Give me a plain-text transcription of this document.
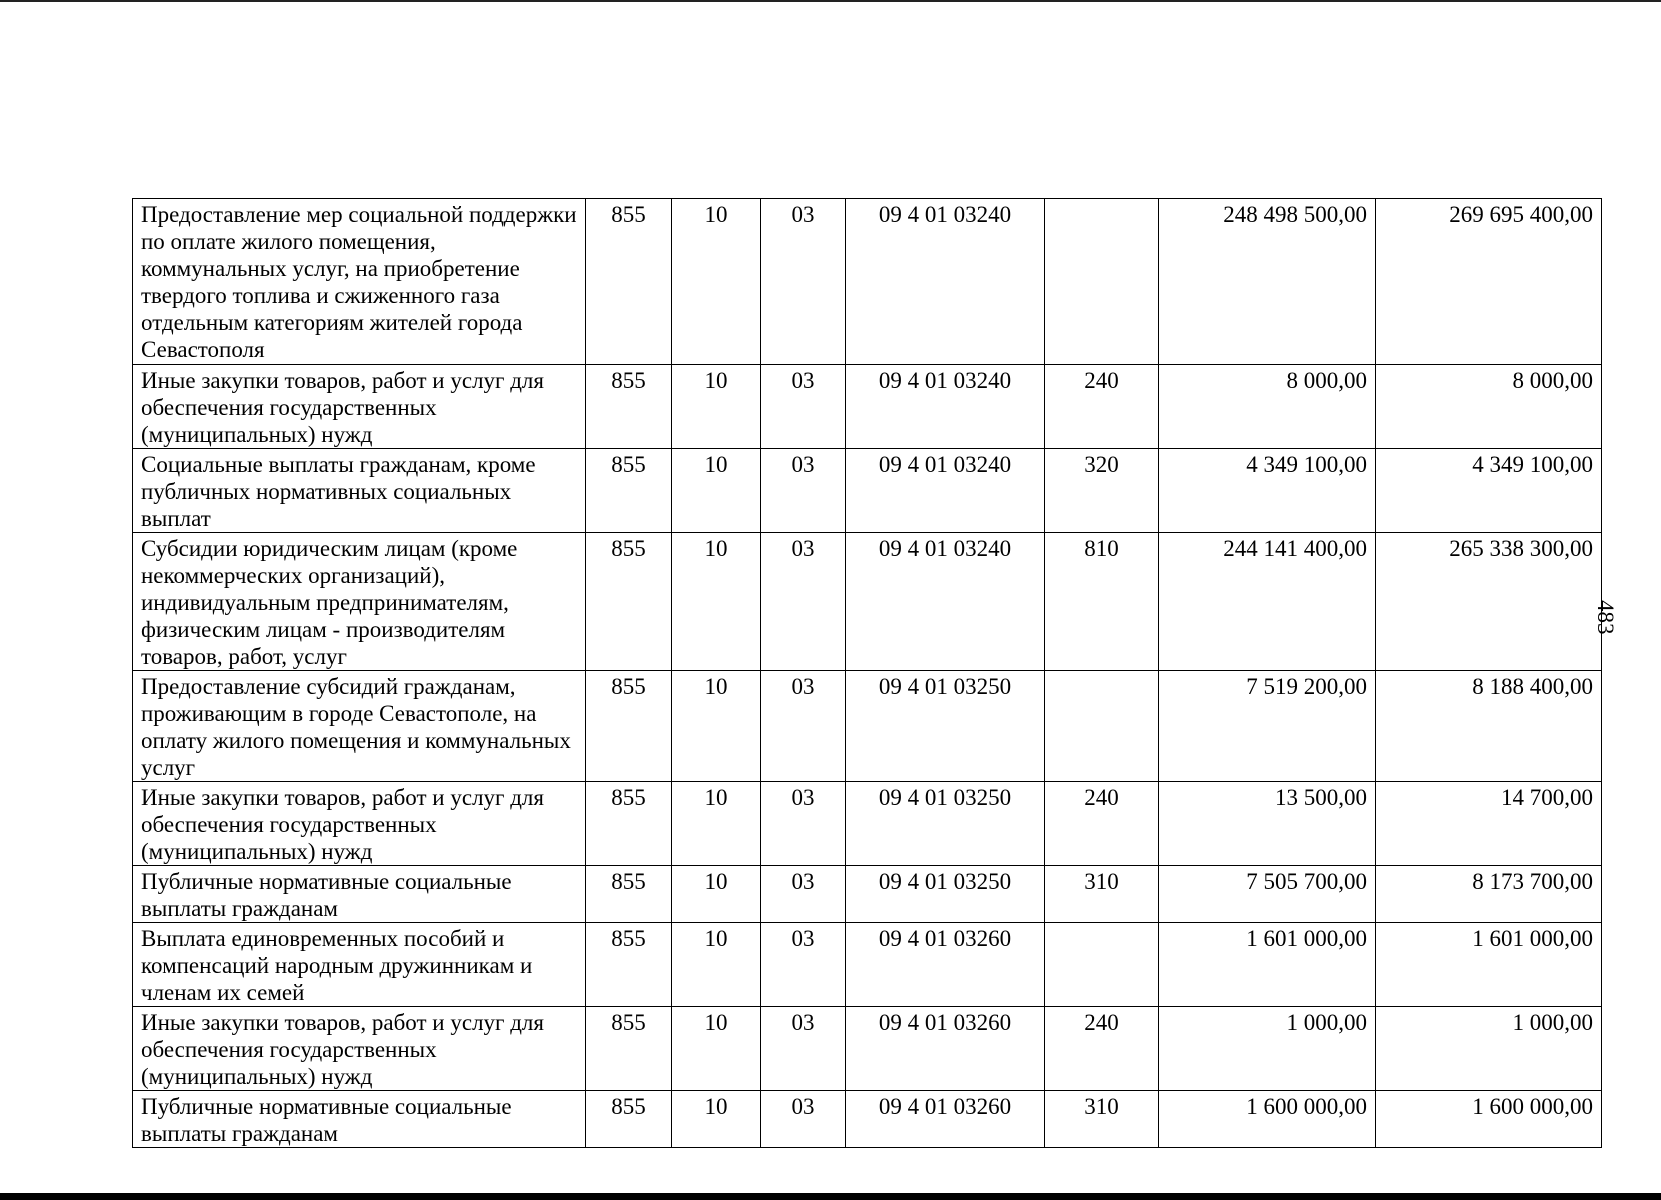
Предоставление мер социальной поддержки по оплате жилого помещения, коммунальных услуг, на приобретение твердого топлива и сжиженного газа отдельным категориям жителей города Севастополя	855	10	03	09 4 01 03240		248 498 500,00	269 695 400,00
Иные закупки товаров, работ и услуг для обеспечения государственных (муниципальных) нужд	855	10	03	09 4 01 03240	240	8 000,00	8 000,00
Социальные выплаты гражданам, кроме публичных нормативных социальных выплат	855	10	03	09 4 01 03240	320	4 349 100,00	4 349 100,00
Субсидии юридическим лицам (кроме некоммерческих организаций), индивидуальным предпринимателям, физическим лицам - производителям товаров, работ, услуг	855	10	03	09 4 01 03240	810	244 141 400,00	265 338 300,00
Предоставление субсидий гражданам, проживающим в городе Севастополе, на оплату жилого помещения и коммунальных услуг	855	10	03	09 4 01 03250		7 519 200,00	8 188 400,00
Иные закупки товаров, работ и услуг для обеспечения государственных (муниципальных) нужд	855	10	03	09 4 01 03250	240	13 500,00	14 700,00
Публичные нормативные социальные выплаты гражданам	855	10	03	09 4 01 03250	310	7 505 700,00	8 173 700,00
Выплата единовременных пособий и компенсаций народным дружинникам и членам их семей	855	10	03	09 4 01 03260		1 601 000,00	1 601 000,00
Иные закупки товаров, работ и услуг для обеспечения государственных (муниципальных) нужд	855	10	03	09 4 01 03260	240	1 000,00	1 000,00
Публичные нормативные социальные выплаты гражданам	855	10	03	09 4 01 03260	310	1 600 000,00	1 600 000,00
483
